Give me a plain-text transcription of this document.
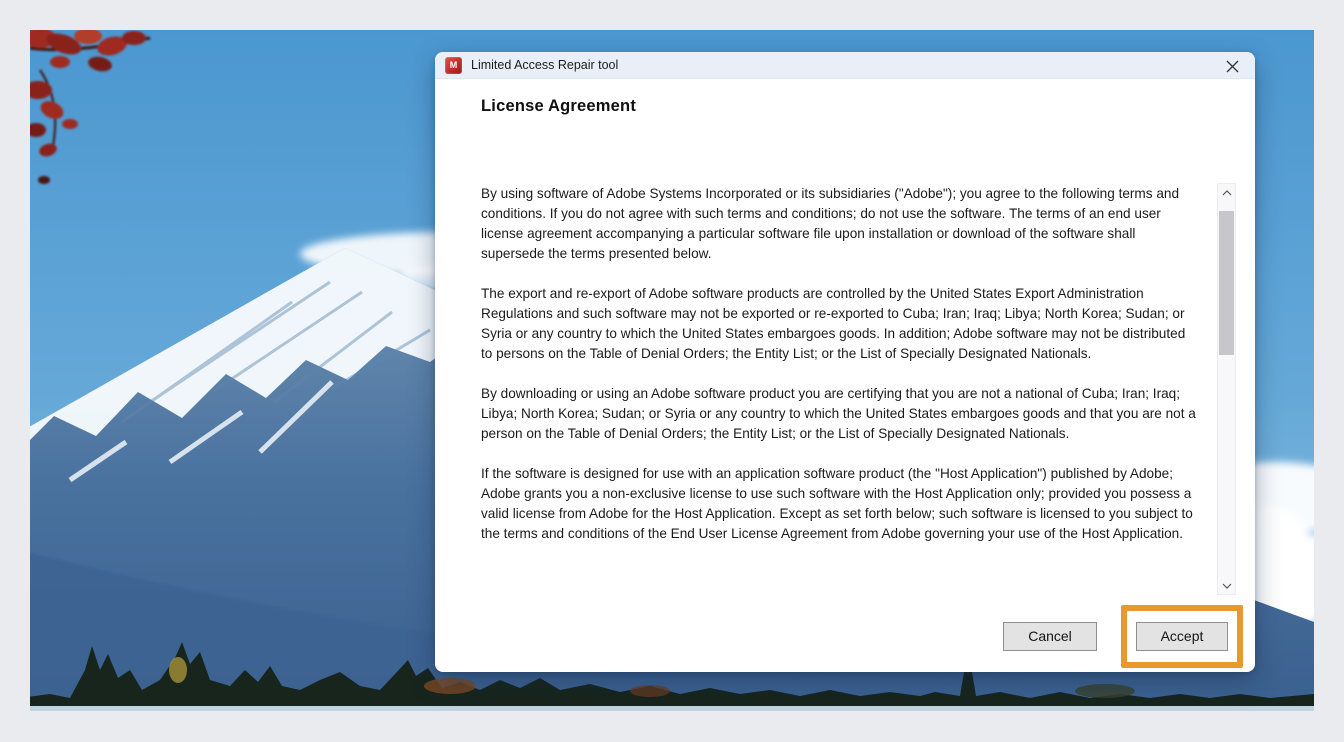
M	Limited Access Repair tool
License Agreement

By using software of Adobe Systems Incorporated or its subsidiaries ("Adobe"); you agree to the following terms and conditions. If you do not agree with such terms and conditions; do not use the software. The terms of an end user license agreement accompanying a particular software file upon installation or download of the software shall supersede the terms presented below.

The export and re-export of Adobe software products are controlled by the United States Export Administration Regulations and such software may not be exported or re-exported to Cuba; Iran; Iraq; Libya; North Korea; Sudan; or Syria or any country to which the United States embargoes goods. In addition; Adobe software may not be distributed to persons on the Table of Denial Orders; the Entity List; or the List of Specially Designated Nationals.

By downloading or using an Adobe software product you are certifying that you are not a national of Cuba; Iran; Iraq; Libya; North Korea; Sudan; or Syria or any country to which the United States embargoes goods and that you are not a person on the Table of Denial Orders; the Entity List; or the List of Specially Designated Nationals.

If the software is designed for use with an application software product (the "Host Application") published by Adobe; Adobe grants you a non-exclusive license to use such software with the Host Application only; provided you possess a valid license from Adobe for the Host Application. Except as set forth below; such software is licensed to you subject to the terms and conditions of the End User License Agreement from Adobe governing your use of the Host Application.

Cancel	Accept
